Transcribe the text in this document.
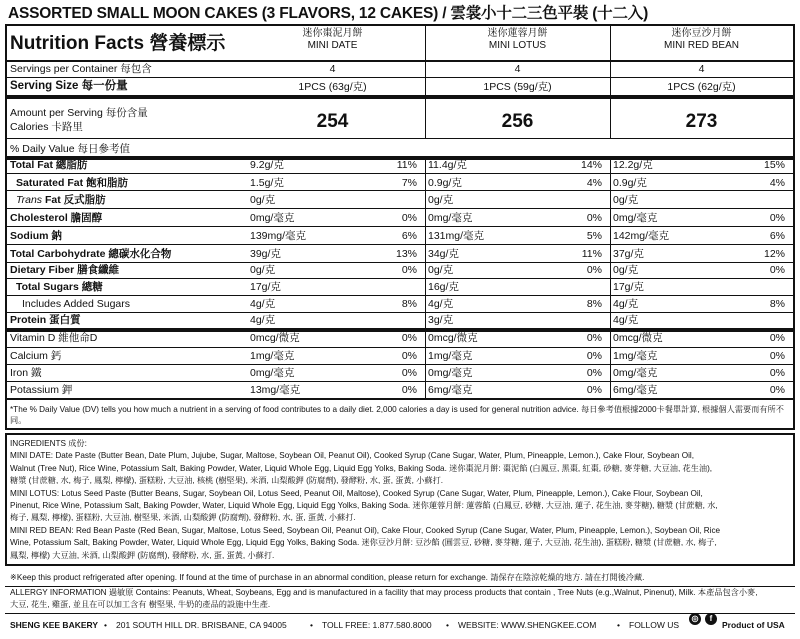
ASSORTED SMALL MOON CAKES (3 FLAVORS, 12 CAKES) / 雲裳小十二三色平裝 (十二入)
Nutrition Facts 營養標示	迷你棗泥月餅
MINI DATE
迷你蓮蓉月餅
MINI LOTUS
迷你豆沙月餅
MINI RED BEAN
Servings per Container 每包含	4	4	4
Serving Size 每一份量	1PCS (63g/克)	1PCS (59g/克)	1PCS (62g/克)
Amount per Serving 每份含量
Calories 卡路里	254	256	273
% Daily Value 每日參考值
Total Fat 總脂肪	9.2g/克	11% 11.4g/克	14% 12.2g/克	15%
Saturated Fat 飽和脂肪	1.5g/克	7% 0.9g/克	4% 0.9g/克	4%
Trans Fat 反式脂肪	0g/克	0g/克	0g/克
Cholesterol 膽固醇	0mg/毫克	0% 0mg/毫克	0% 0mg/毫克	0%
Sodium 鈉	139mg/毫克	6% 131mg/毫克	5% 142mg/毫克	6%
Total Carbohydrate 總碳水化合物	39g/克	13% 34g/克	11% 37g/克	12%
Dietary Fiber 膳食纖維	0g/克	0% 0g/克	0% 0g/克	0%
Total Sugars 總糖	17g/克	16g/克	17g/克
Includes Added Sugars	4g/克	8% 4g/克	8% 4g/克	8%
Protein 蛋白質	4g/克	3g/克	4g/克
Vitamin D 維他命D	0mcg/微克	0% 0mcg/微克	0% 0mcg/微克	0%
Calcium 鈣	1mg/毫克	0% 1mg/毫克	0% 1mg/毫克	0%
Iron 鐵	0mg/毫克	0% 0mg/毫克	0% 0mg/毫克	0%
Potassium 鉀	13mg/毫克	0% 6mg/毫克	0% 6mg/毫克	0%
*The % Daily Value (DV) tells you how much a nutrient in a serving of food contributes to a daily diet. 2,000 calories a day is used for general nutrition advice. 每日參考值根據2000卡餐單計算, 根據個人需要而有所不同。
INGREDIENTS 成份:
MINI DATE: Date Paste (Butter Bean, Date Plum, Jujube, Sugar, Maltose, Soybean Oil, Peanut Oil), Cooked Syrup (Cane Sugar, Water, Plum, Pineapple, Lemon.), Cake Flour, Soybean Oil,
Walnut (Tree Nut), Rice Wine, Potassium Salt, Baking Powder, Water, Liquid Whole Egg, Liquid Egg Yolks, Baking Soda. 迷你棗泥月餅: 棗泥餡 (白鳳豆, 黑棗, 紅棗, 砂糖, 麥芽糖, 大豆油, 花生油),
糖漿 (甘蔗糖, 水, 梅子, 鳳梨, 檸檬), 蛋糕粉, 大豆油, 核桃 (樹堅果), 米酒, 山梨酸鉀 (防腐劑), 發酵粉, 水, 蛋, 蛋黃, 小蘇打.
MINI LOTUS: Lotus Seed Paste (Butter Beans, Sugar, Soybean Oil, Lotus Seed, Peanut Oil, Maltose), Cooked Syrup (Cane Sugar, Water, Plum, Pineapple, Lemon.), Cake Flour, Soybean Oil,
Pinenut, Rice Wine, Potassium Salt, Baking Powder, Water, Liquid Whole Egg, Liquid Egg Yolks, Baking Soda. 迷你蓮蓉月餅: 蓮蓉餡 (白鳳豆, 砂糖, 大豆油, 蓮子, 花生油, 麥芽糖), 糖漿 (甘蔗糖, 水,
梅子, 鳳梨, 檸檬), 蛋糕粉, 大豆油, 樹堅果, 米酒, 山梨酸鉀 (防腐劑), 發酵粉, 水, 蛋, 蛋黃, 小蘇打.
MINI RED BEAN: Red Bean Paste (Red Bean, Sugar, Maltose, Lotus Seed, Soybean Oil, Peanut Oil), Cake Flour, Cooked Syrup (Cane Sugar, Water, Plum, Pineapple, Lemon.), Soybean Oil, Rice
Wine, Potassium Salt, Baking Powder, Water, Liquid Whole Egg, Liquid Egg Yolks, Baking Soda. 迷你豆沙月餅: 豆沙餡 (圓雲豆, 砂糖, 麥芽糖, 蓮子, 大豆油, 花生油), 蛋糕粉, 糖漿 (甘蔗糖, 水, 梅子,
鳳梨, 檸檬) 大豆油, 米酒, 山梨酸鉀 (防腐劑), 發酵粉, 水, 蛋, 蛋黃, 小蘇打.
※Keep this product refrigerated after opening. If found at the time of purchase in an abnormal condition, please return for exchange. 請保存在陰涼乾燥的地方. 請在打開後冷藏.
ALLERGY INFORMATION 過敏原 Contains: Peanuts, Wheat, Soybeans, Egg and is manufactured in a facility that may process products that contain , Tree Nuts (e.g.,Walnut, Pinenut), Milk. 本產品包含小麥,
大豆, 花生, 雞蛋, 並且在可以加工含有 樹堅果, 牛奶的產品的設施中生產.
SHENG KEE BAKERY • 201 SOUTH HILL DR. BRISBANE, CA 94005	• TOLL FREE: 1.877.580.8000 • WEBSITE: WWW.SHENGKEE.COM • FOLLOW US
◎	f
Product of USA
